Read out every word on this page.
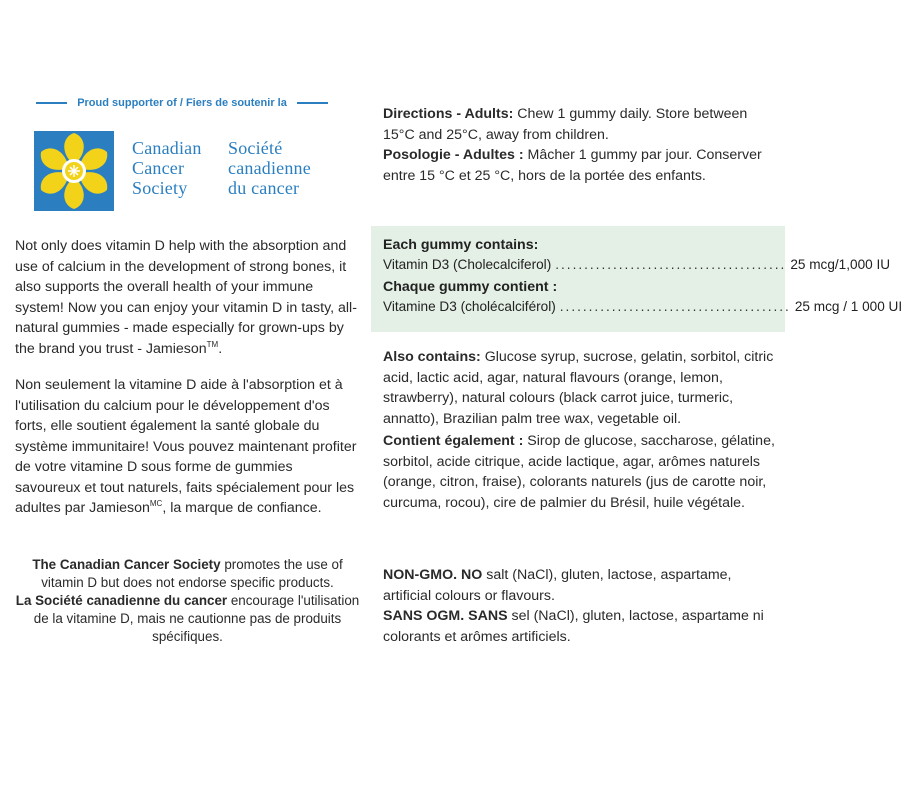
Proud supporter of / Fiers de soutenir la
Canadian
Cancer
Society
Société
canadienne
du cancer
Not only does vitamin D help with the absorption and use of calcium in the development of strong bones, it also supports the overall health of your immune system! Now you can enjoy your vitamin D in tasty, all-natural gummies - made especially for grown-ups by the brand you trust - Jamieson™.
Non seulement la vitamine D aide à l'absorption et à l'utilisation du calcium pour le développement d'os forts, elle soutient également la santé globale du système immunitaire! Vous pouvez maintenant profiter de votre vitamine D sous forme de gummies savoureux et tout naturels, faits spécialement pour les adultes par Jamieson$^{MC}$, la marque de confiance.
The Canadian Cancer Society promotes the use of vitamin D but does not endorse specific products.
La Société canadienne du cancer encourage l'utilisation de la vitamine D, mais ne cautionne pas de produits spécifiques.
Directions - Adults: Chew 1 gummy daily. Store between 15°C and 25°C, away from children.
Posologie - Adultes : Mâcher 1 gummy par jour. Conserver entre 15 °C et 25 °C, hors de la portée des enfants.
Each gummy contains:
Vitamin D3 (Cholecalciferol) ........................................ 25 mcg/1,000 IU
Chaque gummy contient :
Vitamine D3 (cholécalciférol) ........................................ 25 mcg / 1 000 UI
Also contains: Glucose syrup, sucrose, gelatin, sorbitol, citric acid, lactic acid, agar, natural flavours (orange, lemon, strawberry), natural colours (black carrot juice, turmeric, annatto), Brazilian palm tree wax, vegetable oil.
Contient également : Sirop de glucose, saccharose, gélatine, sorbitol, acide citrique, acide lactique, agar, arômes naturels (orange, citron, fraise), colorants naturels (jus de carotte noir, curcuma, rocou), cire de palmier du Brésil, huile végétale.
NON-GMO. NO salt (NaCl), gluten, lactose, aspartame, artificial colours or flavours.
SANS OGM. SANS sel (NaCl), gluten, lactose, aspartame ni colorants et arômes artificiels.
